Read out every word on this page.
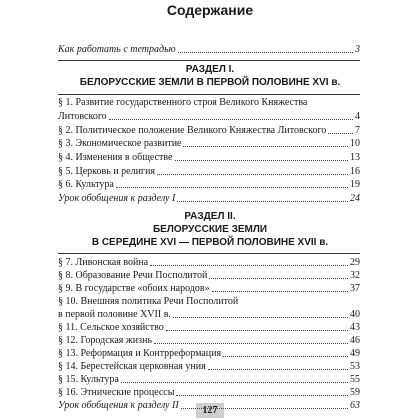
Содержание
Как работать с тетрадью	3
РАЗДЕЛ I.
БЕЛОРУССКИЕ ЗЕМЛИ В ПЕРВОЙ ПОЛОВИНЕ XVI в.
§ 1. Развитие государственного строя Великого Княжества
Литовского	4
§ 2. Политическое положение Великого Княжества Литовского	7
§ 3. Экономическое развитие	10
§ 4. Изменения в обществе	13
§ 5. Церковь и религия	16
§ 6. Культура	19
Урок обобщения к разделу I	24
РАЗДЕЛ II.
БЕЛОРУССКИЕ ЗЕМЛИ
В СЕРЕДИНЕ XVI — ПЕРВОЙ ПОЛОВИНЕ XVII в.
§ 7. Ливонская война	29
§ 8. Образование Речи Посполитой	32
§ 9. В государстве «обоих народов»	37
§ 10. Внешняя политика Речи Посполитой
в первой половине XVII в.	40
§ 11. Сельское хозяйство	43
§ 12. Городская жизнь	46
§ 13. Реформация и Контрреформация	49
§ 14. Берестейская церковная уния	53
§ 15. Культура	55
§ 16. Этнические процессы	59
127
Урок обобщения к разделу II	63
